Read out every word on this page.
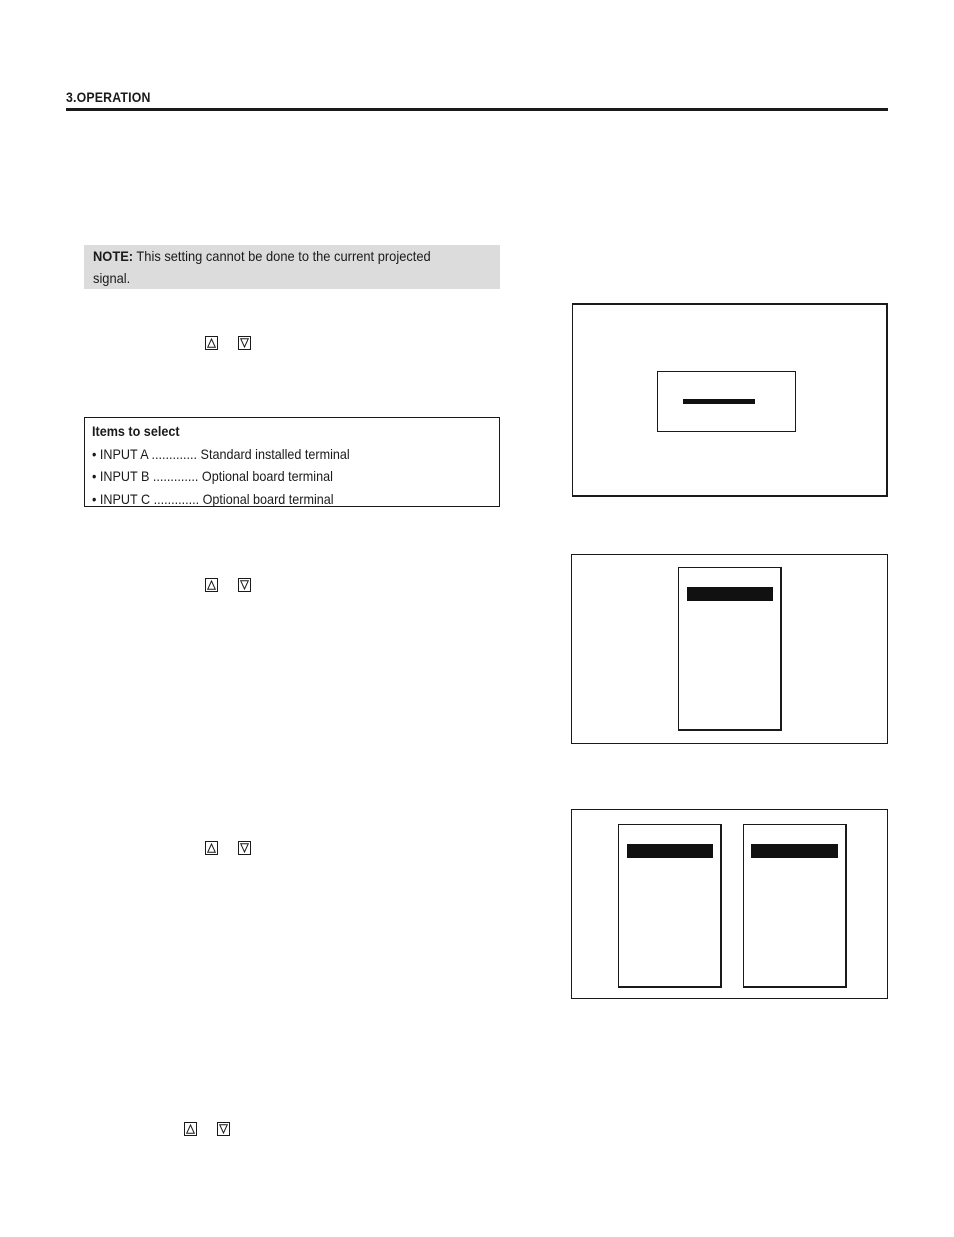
3.OPERATION
NOTE: This setting cannot be done to the current projected
signal.
Items to select
• INPUT A ............. Standard installed terminal
• INPUT B ............. Optional board terminal
• INPUT C ............. Optional board terminal
